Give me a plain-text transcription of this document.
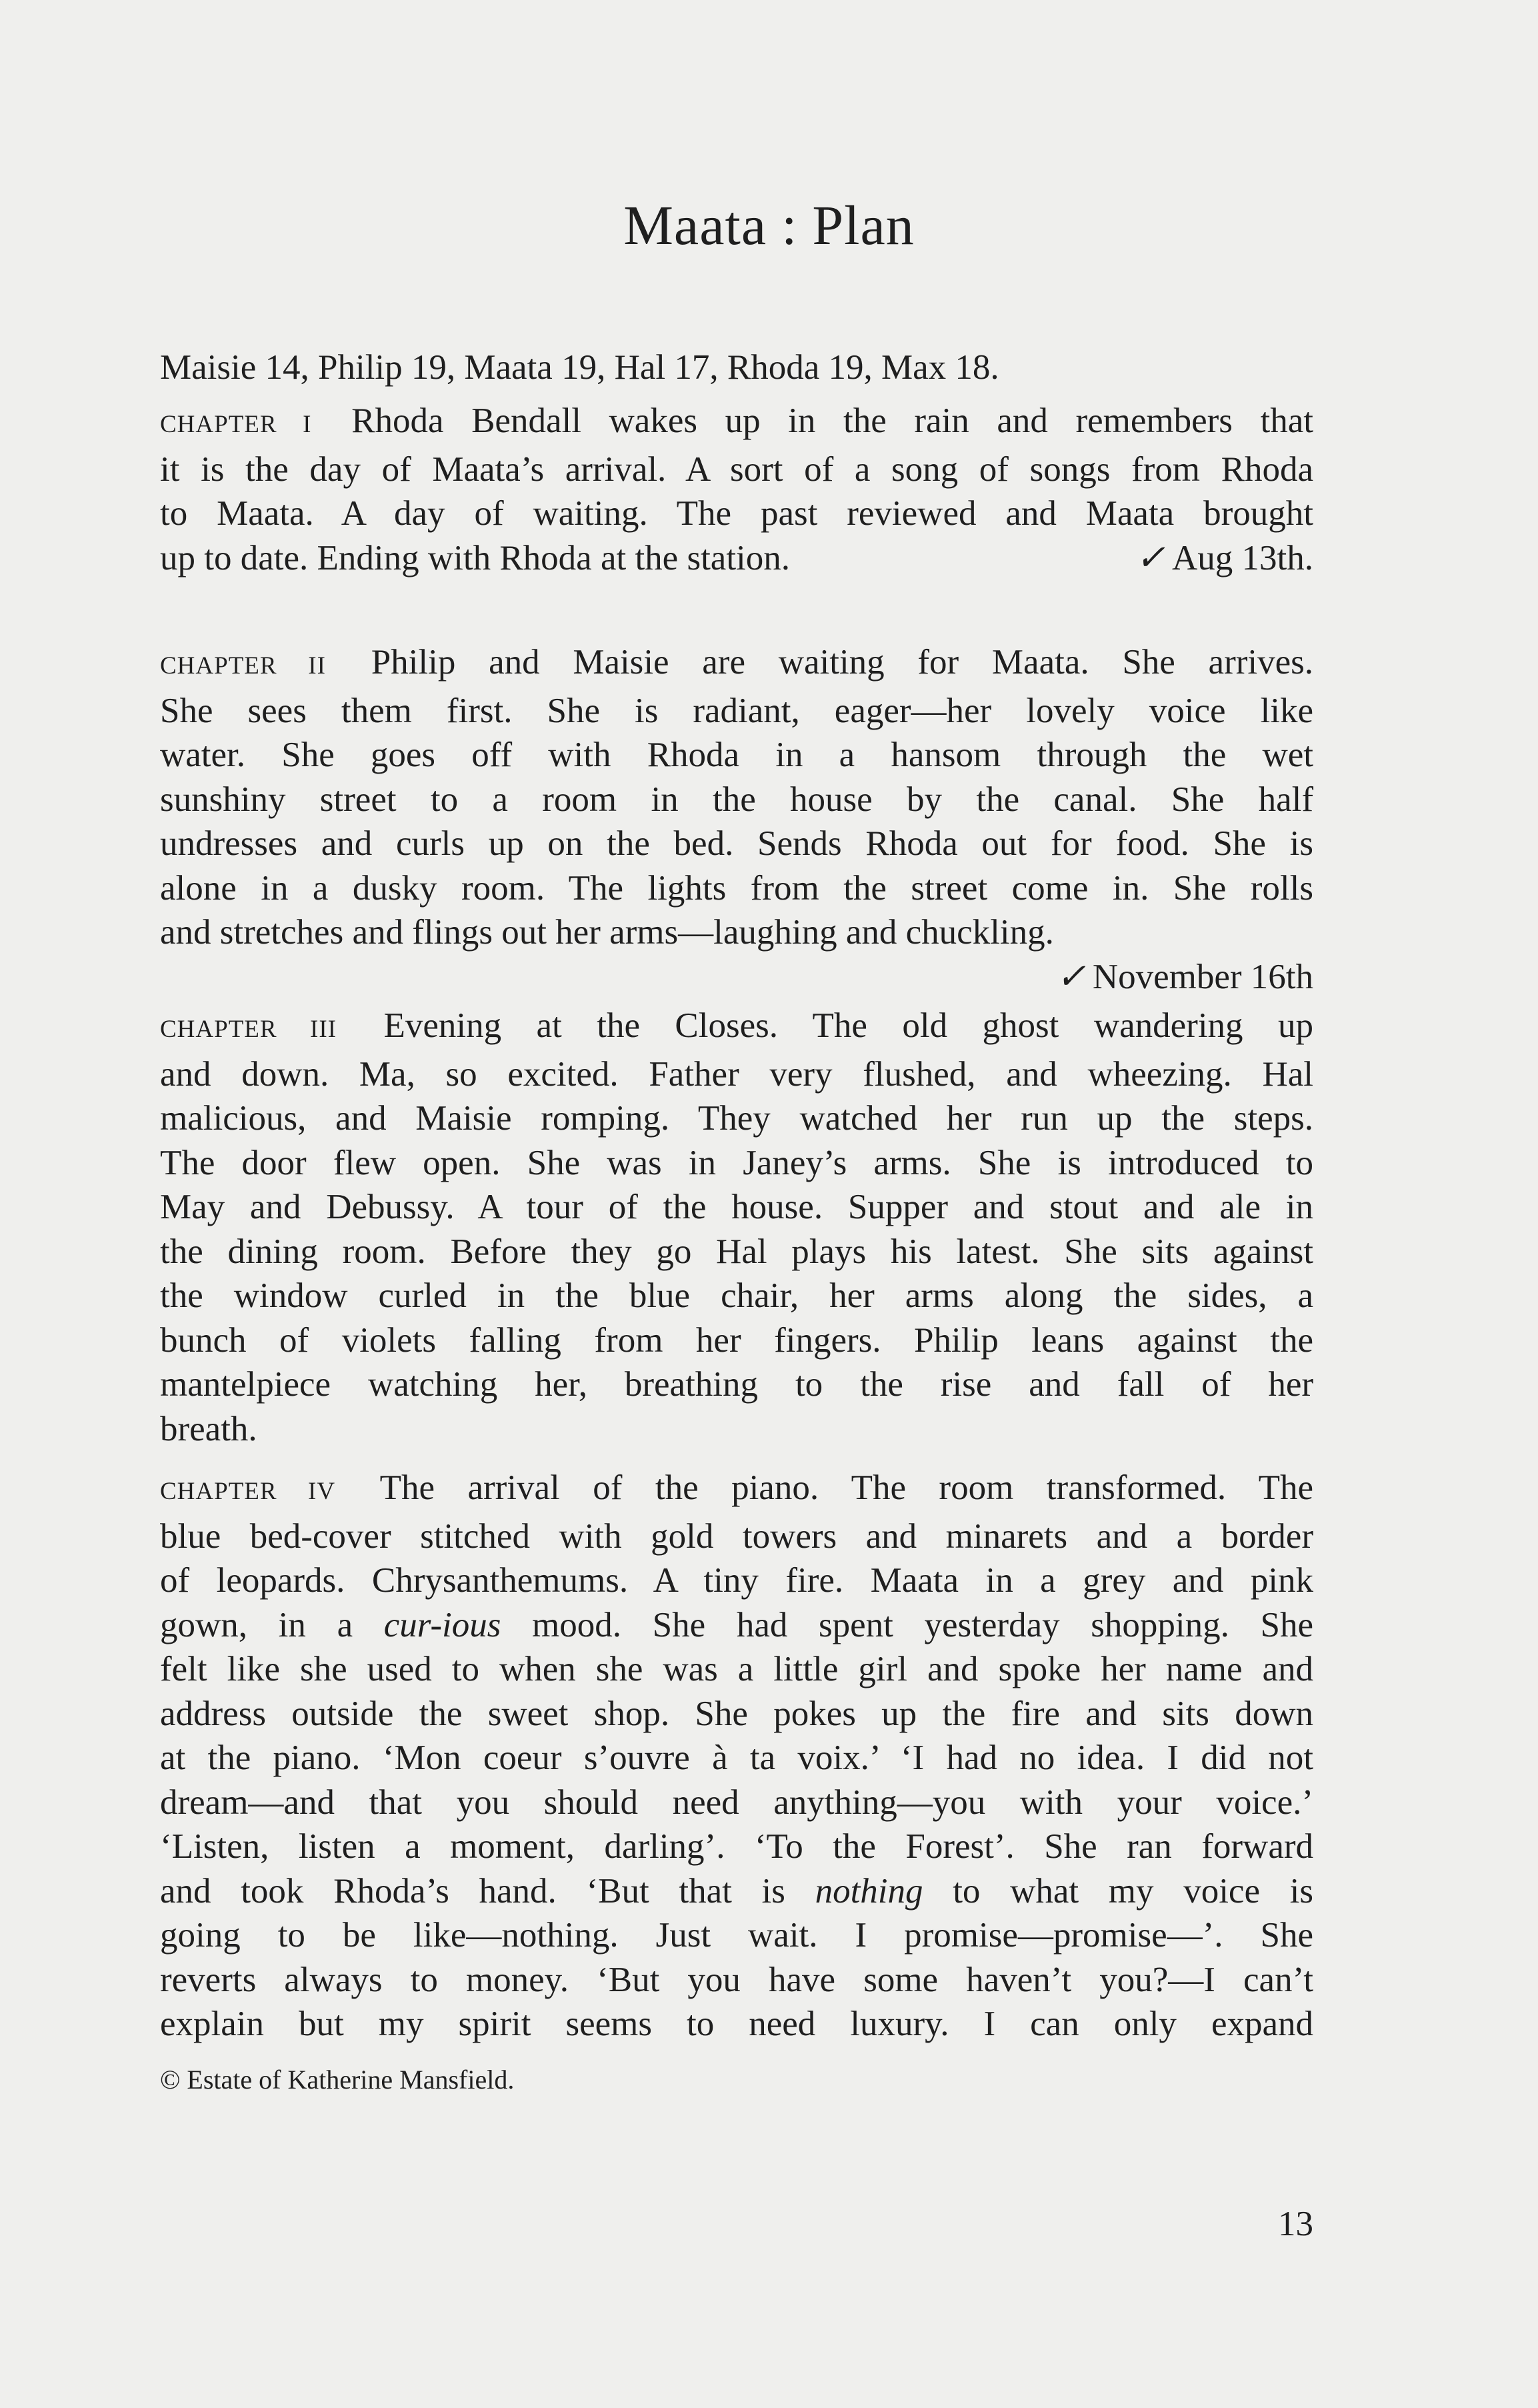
Maata : Plan
Maisie 14, Philip 19, Maata 19, Hal 17, Rhoda 19, Max 18.
CHAPTER I Rhoda Bendall wakes up in the rain and remembers that
it is the day of Maata’s arrival. A sort of a song of songs from Rhoda
to Maata. A day of waiting. The past reviewed and Maata brought
up to date. Ending with Rhoda at the station.	✓ Aug 13th.
CHAPTER II Philip and Maisie are waiting for Maata. She arrives.
She sees them first. She is radiant, eager—her lovely voice like
water. She goes off with Rhoda in a hansom through the wet
sunshiny street to a room in the house by the canal. She half
undresses and curls up on the bed. Sends Rhoda out for food. She is
alone in a dusky room. The lights from the street come in. She rolls
and stretches and flings out her arms—laughing and chuckling.
✓ November 16th
CHAPTER III Evening at the Closes. The old ghost wandering up
and down. Ma, so excited. Father very flushed, and wheezing. Hal
malicious, and Maisie romping. They watched her run up the steps.
The door flew open. She was in Janey’s arms. She is introduced to
May and Debussy. A tour of the house. Supper and stout and ale in
the dining room. Before they go Hal plays his latest. She sits against
the window curled in the blue chair, her arms along the sides, a
bunch of violets falling from her fingers. Philip leans against the
mantelpiece watching her, breathing to the rise and fall of her
breath.
CHAPTER IV The arrival of the piano. The room transformed. The
blue bed-cover stitched with gold towers and minarets and a border
of leopards. Chrysanthemums. A tiny fire. Maata in a grey and pink
gown, in a cur-ious mood. She had spent yesterday shopping. She
felt like she used to when she was a little girl and spoke her name and
address outside the sweet shop. She pokes up the fire and sits down
at the piano. ‘Mon coeur s’ouvre à ta voix.’ ‘I had no idea. I did not
dream—and that you should need anything—you with your voice.’
‘Listen, listen a moment, darling’. ‘To the Forest’. She ran forward
and took Rhoda’s hand. ‘But that is nothing to what my voice is
going to be like—nothing. Just wait. I promise—promise—’. She
reverts always to money. ‘But you have some haven’t you?—I can’t
explain but my spirit seems to need luxury. I can only expand
© Estate of Katherine Mansfield.
13
